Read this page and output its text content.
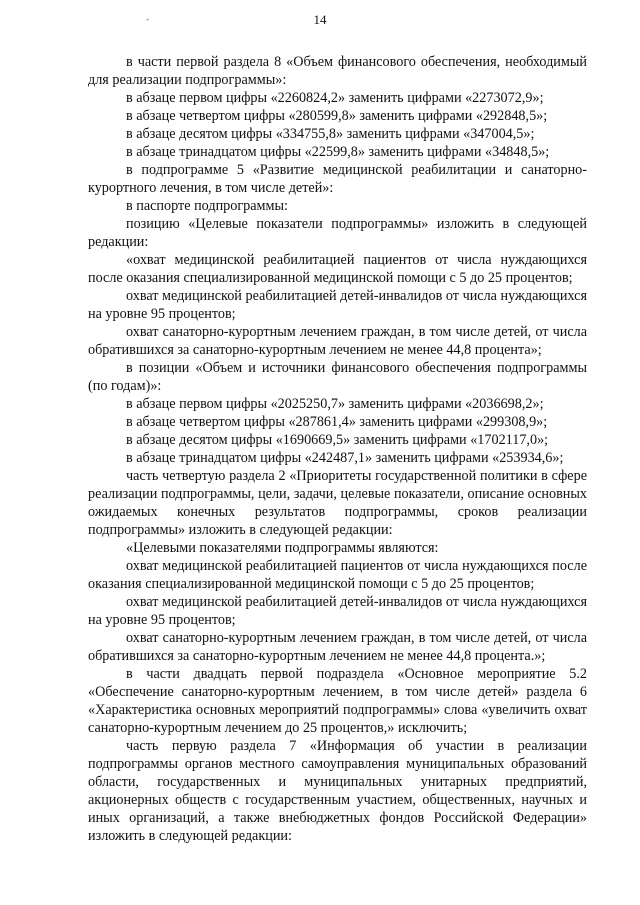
-	14

в части первой раздела 8 «Объем финансового обеспечения, необходимый для реализации подпрограммы»:

в абзаце первом цифры «2260824,2» заменить цифрами «2273072,9»;

в абзаце четвертом цифры «280599,8» заменить цифрами «292848,5»;

в абзаце десятом цифры «334755,8» заменить цифрами «347004,5»;

в абзаце тринадцатом цифры «22599,8» заменить цифрами «34848,5»;

в подпрограмме 5 «Развитие медицинской реабилитации и санаторно-курортного лечения, в том числе детей»:

в паспорте подпрограммы:

позицию «Целевые показатели подпрограммы» изложить в следующей редакции:

«охват медицинской реабилитацией пациентов от числа нуждающихся после оказания специализированной медицинской помощи с 5 до 25 процентов;

охват медицинской реабилитацией детей-инвалидов от числа нуждающихся на уровне 95 процентов;

охват санаторно-курортным лечением граждан, в том числе детей, от числа обратившихся за санаторно-курортным лечением не менее 44,8 процента»;

в позиции «Объем и источники финансового обеспечения подпрограммы (по годам)»:

в абзаце первом цифры «2025250,7» заменить цифрами «2036698,2»;

в абзаце четвертом цифры «287861,4» заменить цифрами «299308,9»;

в абзаце десятом цифры «1690669,5» заменить цифрами «1702117,0»;

в абзаце тринадцатом цифры «242487,1» заменить цифрами «253934,6»;

часть четвертую раздела 2 «Приоритеты государственной политики в сфере реализации подпрограммы, цели, задачи, целевые показатели, описание основных ожидаемых конечных результатов подпрограммы, сроков реализации подпрограммы» изложить в следующей редакции:

«Целевыми показателями подпрограммы являются:

охват медицинской реабилитацией пациентов от числа нуждающихся после оказания специализированной медицинской помощи с 5 до 25 процентов;

охват медицинской реабилитацией детей-инвалидов от числа нуждающихся на уровне 95 процентов;

охват санаторно-курортным лечением граждан, в том числе детей, от числа обратившихся за санаторно-курортным лечением не менее 44,8 процента.»;

в части двадцать первой подраздела «Основное мероприятие 5.2 «Обеспечение санаторно-курортным лечением, в том числе детей» раздела 6 «Характеристика основных мероприятий подпрограммы» слова «увеличить охват санаторно-курортным лечением до 25 процентов,» исключить;

часть первую раздела 7 «Информация об участии в реализации подпрограммы органов местного самоуправления муниципальных образований области, государственных и муниципальных унитарных предприятий, акционерных обществ с государственным участием, общественных, научных и иных организаций, а также внебюджетных фондов Российской Федерации» изложить в следующей редакции:
